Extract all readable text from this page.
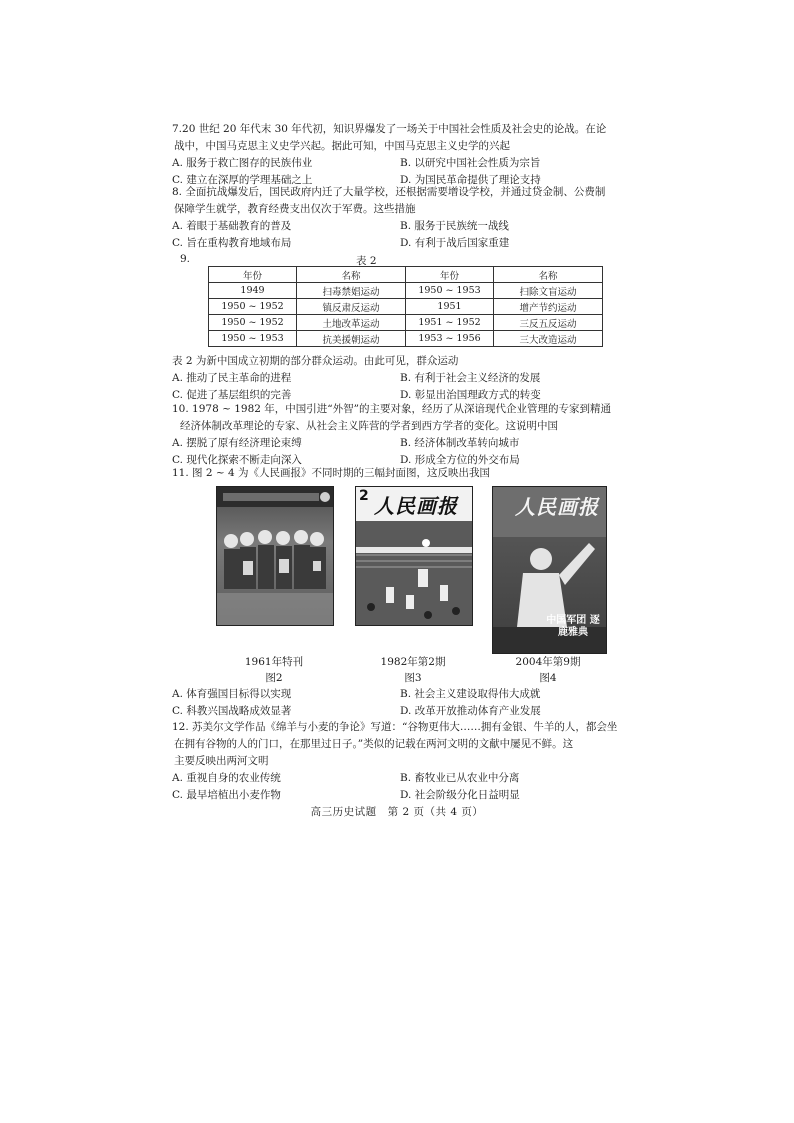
7.20 世纪 20 年代末 30 年代初，知识界爆发了一场关于中国社会性质及社会史的论战。在论
战中，中国马克思主义史学兴起。据此可知，中国马克思主义史学的兴起
A. 服务于救亡图存的民族伟业	B. 以研究中国社会性质为宗旨
C. 建立在深厚的学理基础之上	D. 为国民革命提供了理论支持
8. 全面抗战爆发后，国民政府内迁了大量学校，还根据需要增设学校，并通过贷金制、公费制
保障学生就学，教育经费支出仅次于军费。这些措施
A. 着眼于基础教育的普及	B. 服务于民族统一战线
C. 旨在重构教育地域布局	D. 有利于战后国家重建
9.	表 2
年份	名称	年份	名称
1949	扫毒禁娼运动	1950 ~ 1953	扫除文盲运动
1950 ~ 1952	镇反肃反运动	1951	增产节约运动
1950 ~ 1952	土地改革运动	1951 ~ 1952	三反五反运动
1950 ~ 1953	抗美援朝运动	1953 ~ 1956	三大改造运动
表 2 为新中国成立初期的部分群众运动。由此可见，群众运动
A. 推动了民主革命的进程	B. 有利于社会主义经济的发展
C. 促进了基层组织的完善	D. 彰显出治国理政方式的转变
10. 1978 ~ 1982 年，中国引进“外智”的主要对象，经历了从深谙现代企业管理的专家到精通
经济体制改革理论的专家、从社会主义阵营的学者到西方学者的变化。这说明中国
A. 摆脱了原有经济理论束缚	B. 经济体制改革转向城市
C. 现代化探索不断走向深入	D. 形成全方位的外交布局
11. 图 2 ~ 4 为《人民画报》不同时期的三幅封面图，这反映出我国
1961年特刊
图2
2 人民画报
1982年第2期
图3
人民画报
中国军团 逐鹿雅典
2004年第9期
图4
A. 体育强国目标得以实现	B. 社会主义建设取得伟大成就
C. 科教兴国战略成效显著	D. 改革开放推动体育产业发展
12. 苏美尔文学作品《绵羊与小麦的争论》写道：“谷物更伟大……拥有金银、牛羊的人，都会坐
在拥有谷物的人的门口，在那里过日子。”类似的记载在两河文明的文献中屡见不鲜。这
主要反映出两河文明
A. 重视自身的农业传统	B. 畜牧业已从农业中分离
C. 最早培植出小麦作物	D. 社会阶级分化日益明显
高三历史试题　第 2 页（共 4 页）
